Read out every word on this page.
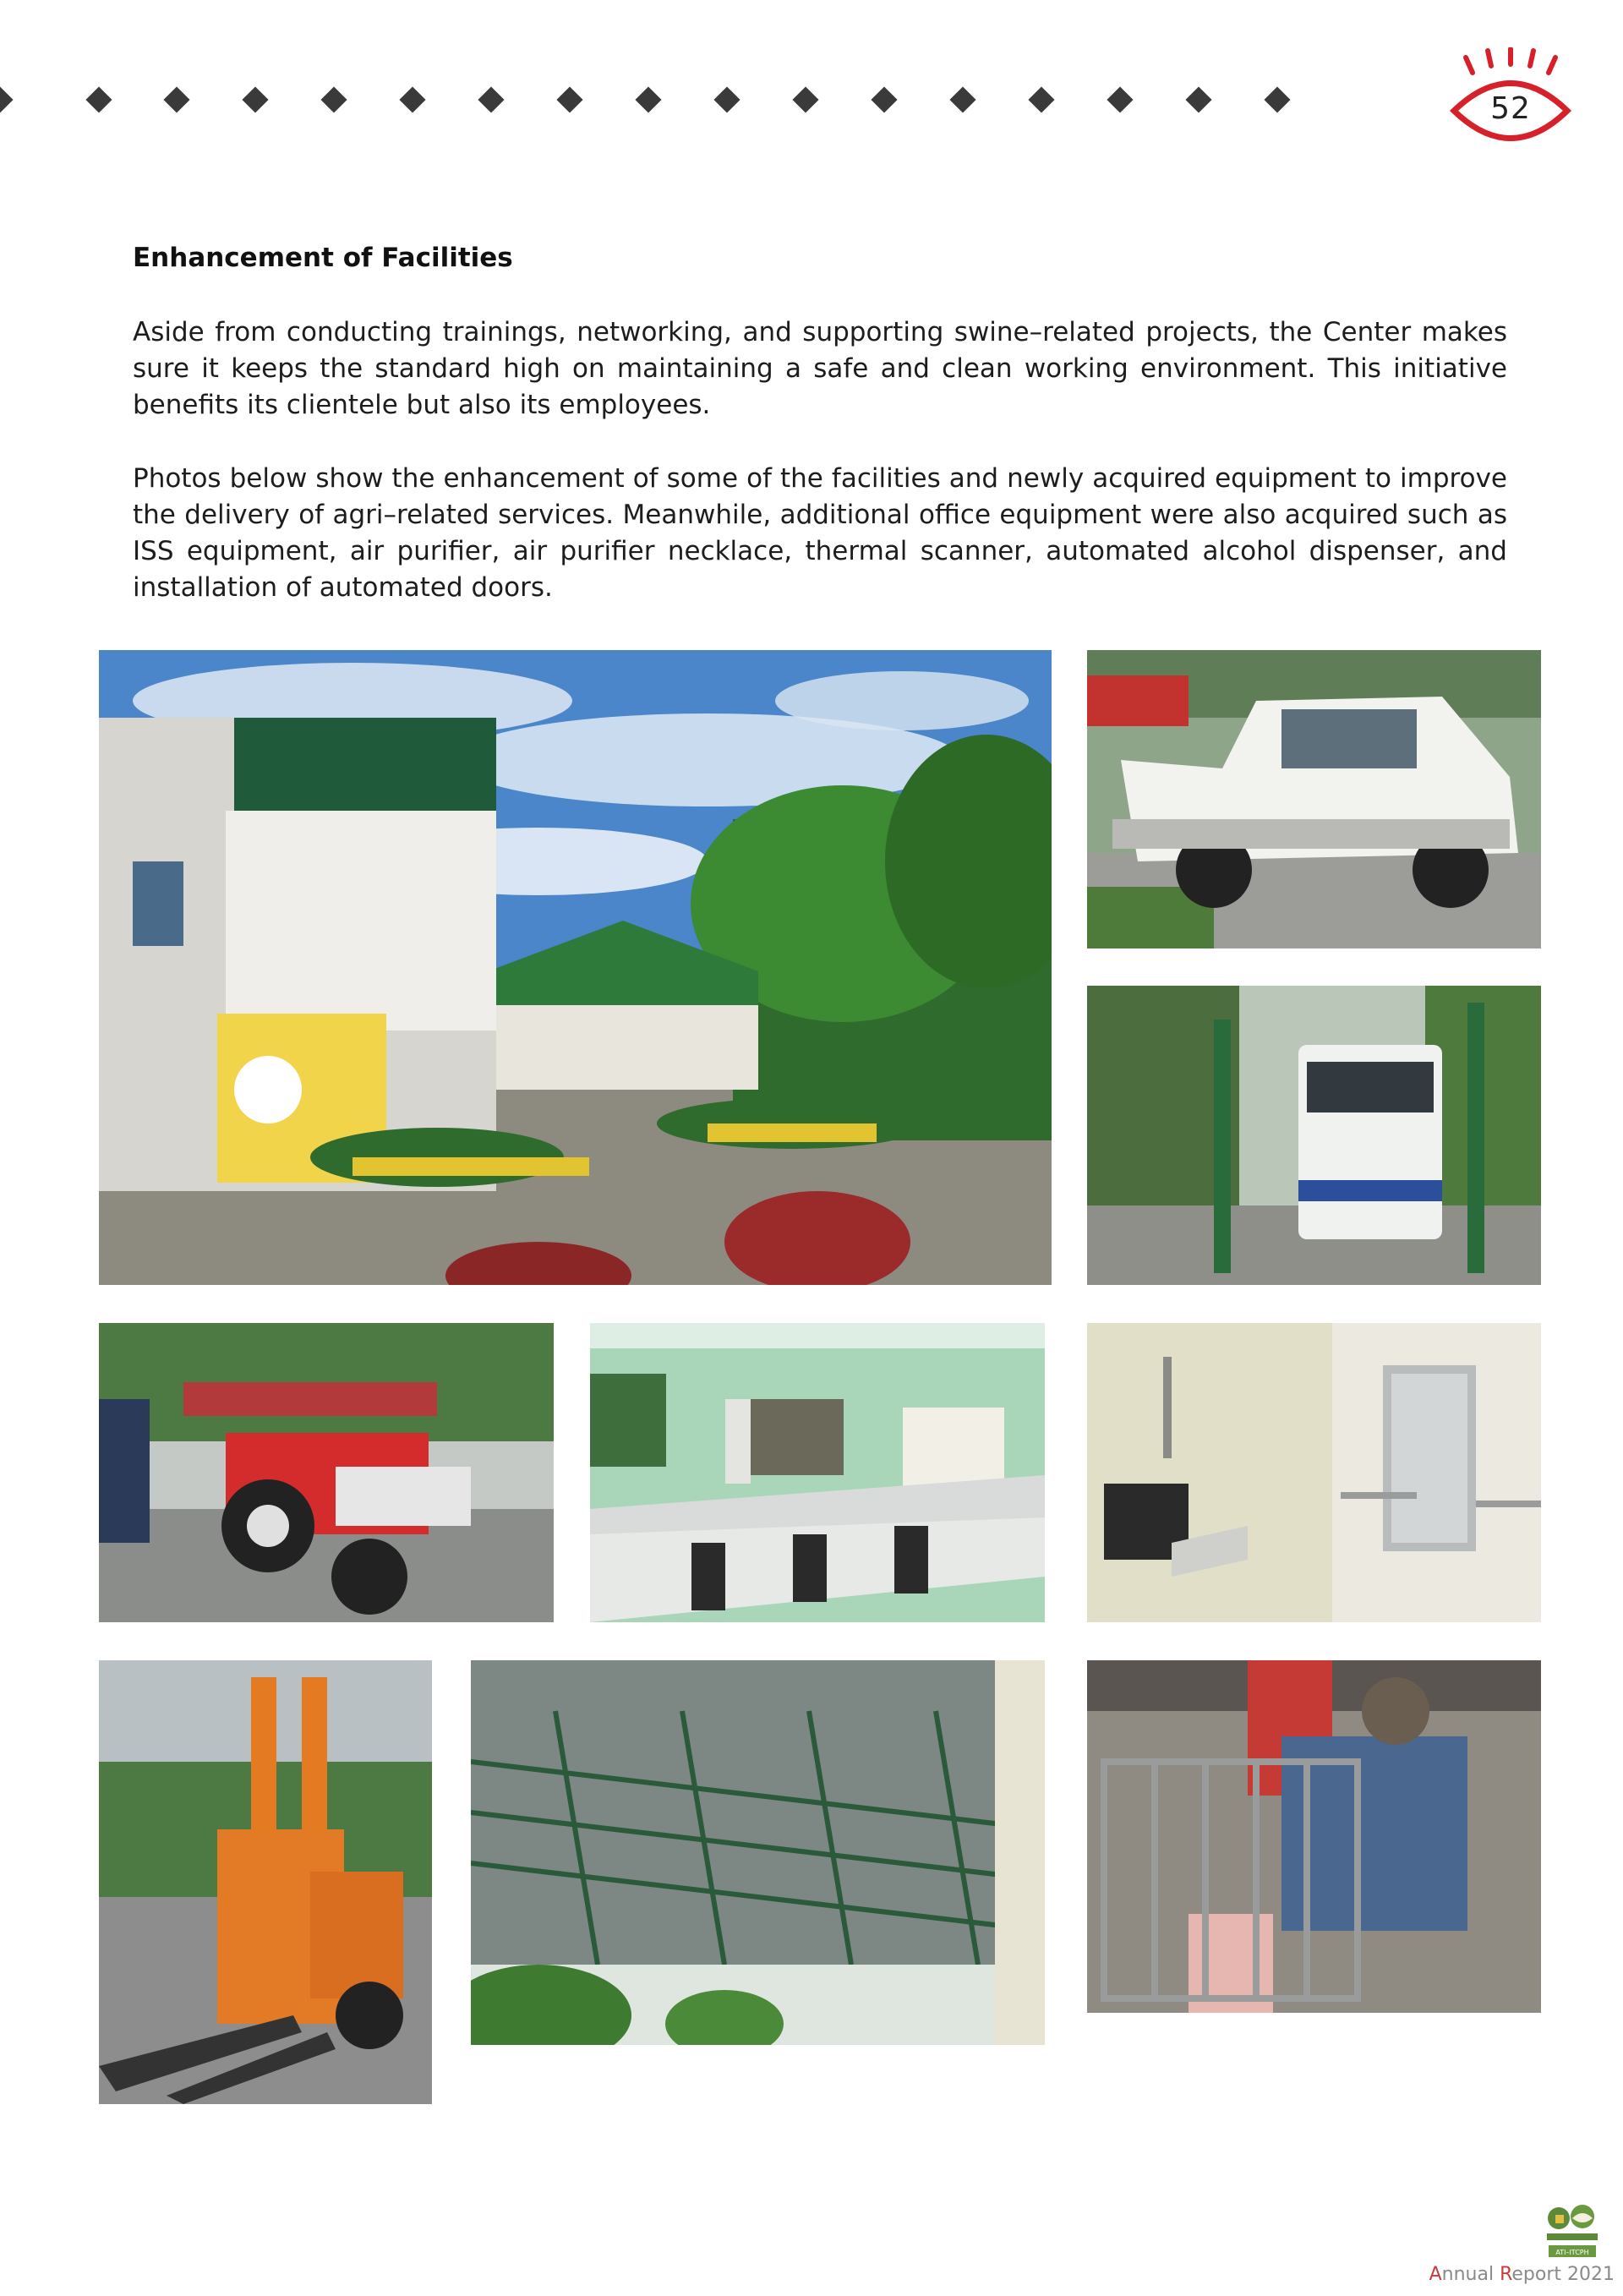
52
Enhancement of Facilities

Aside from conducting trainings, networking, and supporting swine–related projects, the Center makes sure it keeps the standard high on maintaining a safe and clean working environment. This initiative benefits its clientele but also its employees.

Photos below show the enhancement of some of the facilities and newly acquired equipment to improve the delivery of agri–related services. Meanwhile, additional office equipment were also acquired such as ISS equipment, air purifier, air purifier necklace, thermal scanner, automated alcohol dispenser, and installation of automated doors.

ATI–ITCPH
Annual Report 2021
